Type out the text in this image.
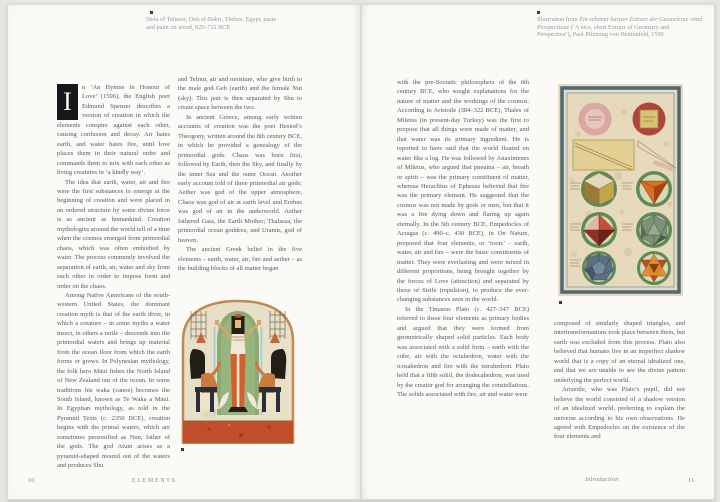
Stela of Tatiaset, Deir el-Bahri, Thebes, Egypt, paste and paint on wood, 825–712 BCE

I	n ‘An Hymne in Honour of Love’ (1596), the English poet Edmund Spenser describes a version of creation in which the elements conspire against each other, causing confusion and decay. Air hates earth, and water hates fire, until love places them in their natural order and commands them to mix with each other as living creatures in ‘a kindly way’.

The idea that earth, water, air and fire were the first substances to emerge at the beginning of creation and were placed in an ordered structure by some divine force is as ancient as humankind. Creation mythologies around the world tell of a time when the cosmos emerged from primordial chaos, which was often embodied by water. The process commonly involved the separation of earth, air, water and sky from each other in order to impose form and order on the chaos.

Among Native Americans of the south-western United States, the dominant creation myth is that of the earth diver, in which a creature – in some myths a water insect, in others a turtle – descends into the primordial waters and brings up material from the ocean floor from which the earth forms or grows. In Polynesian mythology, the folk hero Māui fishes the North Island of New Zealand out of the ocean. In some traditions his waka (canoe) becomes the South Island, known as Te Waka a Māui. In Egyptian mythology, as told in the Pyramid Texts (c. 2350 BCE), creation begins with the primal waters, which are sometimes personified as Nun, father of the gods. The god Atum arises as a pyramid-shaped mound out of the waters and produces Shu

and Tefnut, air and moisture, who give birth to the male god Geb (earth) and the female Nut (sky). This pair is then separated by Shu to create space between the two.

In ancient Greece, among early written accounts of creation was the poet Hesiod’s Theogony, written around the 8th century BCE, in which he provided a genealogy of the primordial gods. Chaos was born first, followed by Earth, then the Sky, and finally by the inner Sea and the outer Ocean. Another early account told of three primordial air gods: Aether was god of the upper atmosphere, Chaos was god of air at earth level and Erebus was god of air in the underworld. Aether fathered Gaia, the Earth Mother; Thalassa, the primordial ocean goddess; and Uranus, god of heaven.

The ancient Greek belief in the five elements – earth, water, air, fire and aether – as the building blocks of all matter began

10	ELEMENTS
Illustration from Ein schöner kurtzer Extract der Geometriae vnnd Perspectiuae (‘A nice, short Extract of Geometry and Perspective’), Paul Pfintzing von Henfenfeld, 1599

with the pre-Socratic philosophers of the 6th century BCE, who sought explanations for the nature of matter and the workings of the cosmos. According to Aristotle (384–322 BCE), Thales of Miletus (in present-day Turkey) was the first to propose that all things were made of matter, and that water was its primary ingredient. He is reported to have said that the world floated on water like a log. He was followed by Anaximenes of Miletus, who argued that pneuma – air, breath or spirit – was the primary constituent of matter, whereas Heraclitus of Ephesus believed that fire was the primary element. He suggested that the cosmos was not made by gods or men, but that it was a fire dying down and flaring up again eternally. In the 5th century BCE, Empedocles of Acragas (c. 490–c. 430 BCE), in On Nature, proposed that four elements, or ‘roots’ – earth, water, air and fire – were the basic constituents of matter. They were everlasting and were mixed in different proportions, being brought together by the forces of Love (attraction) and separated by those of Strife (repulsion), to produce the ever-changing substances seen in the world.

In the Timaeus Plato (c. 427–347 BCE) referred to these four elements as primary bodies and argued that they were formed from geometrically shaped solid particles. Each body was associated with a solid form – earth with the cube, air with the octahedron, water with the icosahedron and fire with the tetrahedron. Plato held that a fifth solid, the dodecahedron, was used by the creator god for arranging the constellations. The solids associated with fire, air and water were

composed of similarly shaped triangles, and intertransformations took place between them, but earth was excluded from this process. Plato also believed that humans live in an imperfect shadow world that is a copy of an eternal idealized one, and that we are unable to see the divine pattern underlying the perfect world.

Aristotle, who was Plato’s pupil, did not believe the world consisted of a shadow version of an idealized world, preferring to explain the universe according to his own observations. He agreed with Empedocles on the existence of the four elements and

Introduction	11
